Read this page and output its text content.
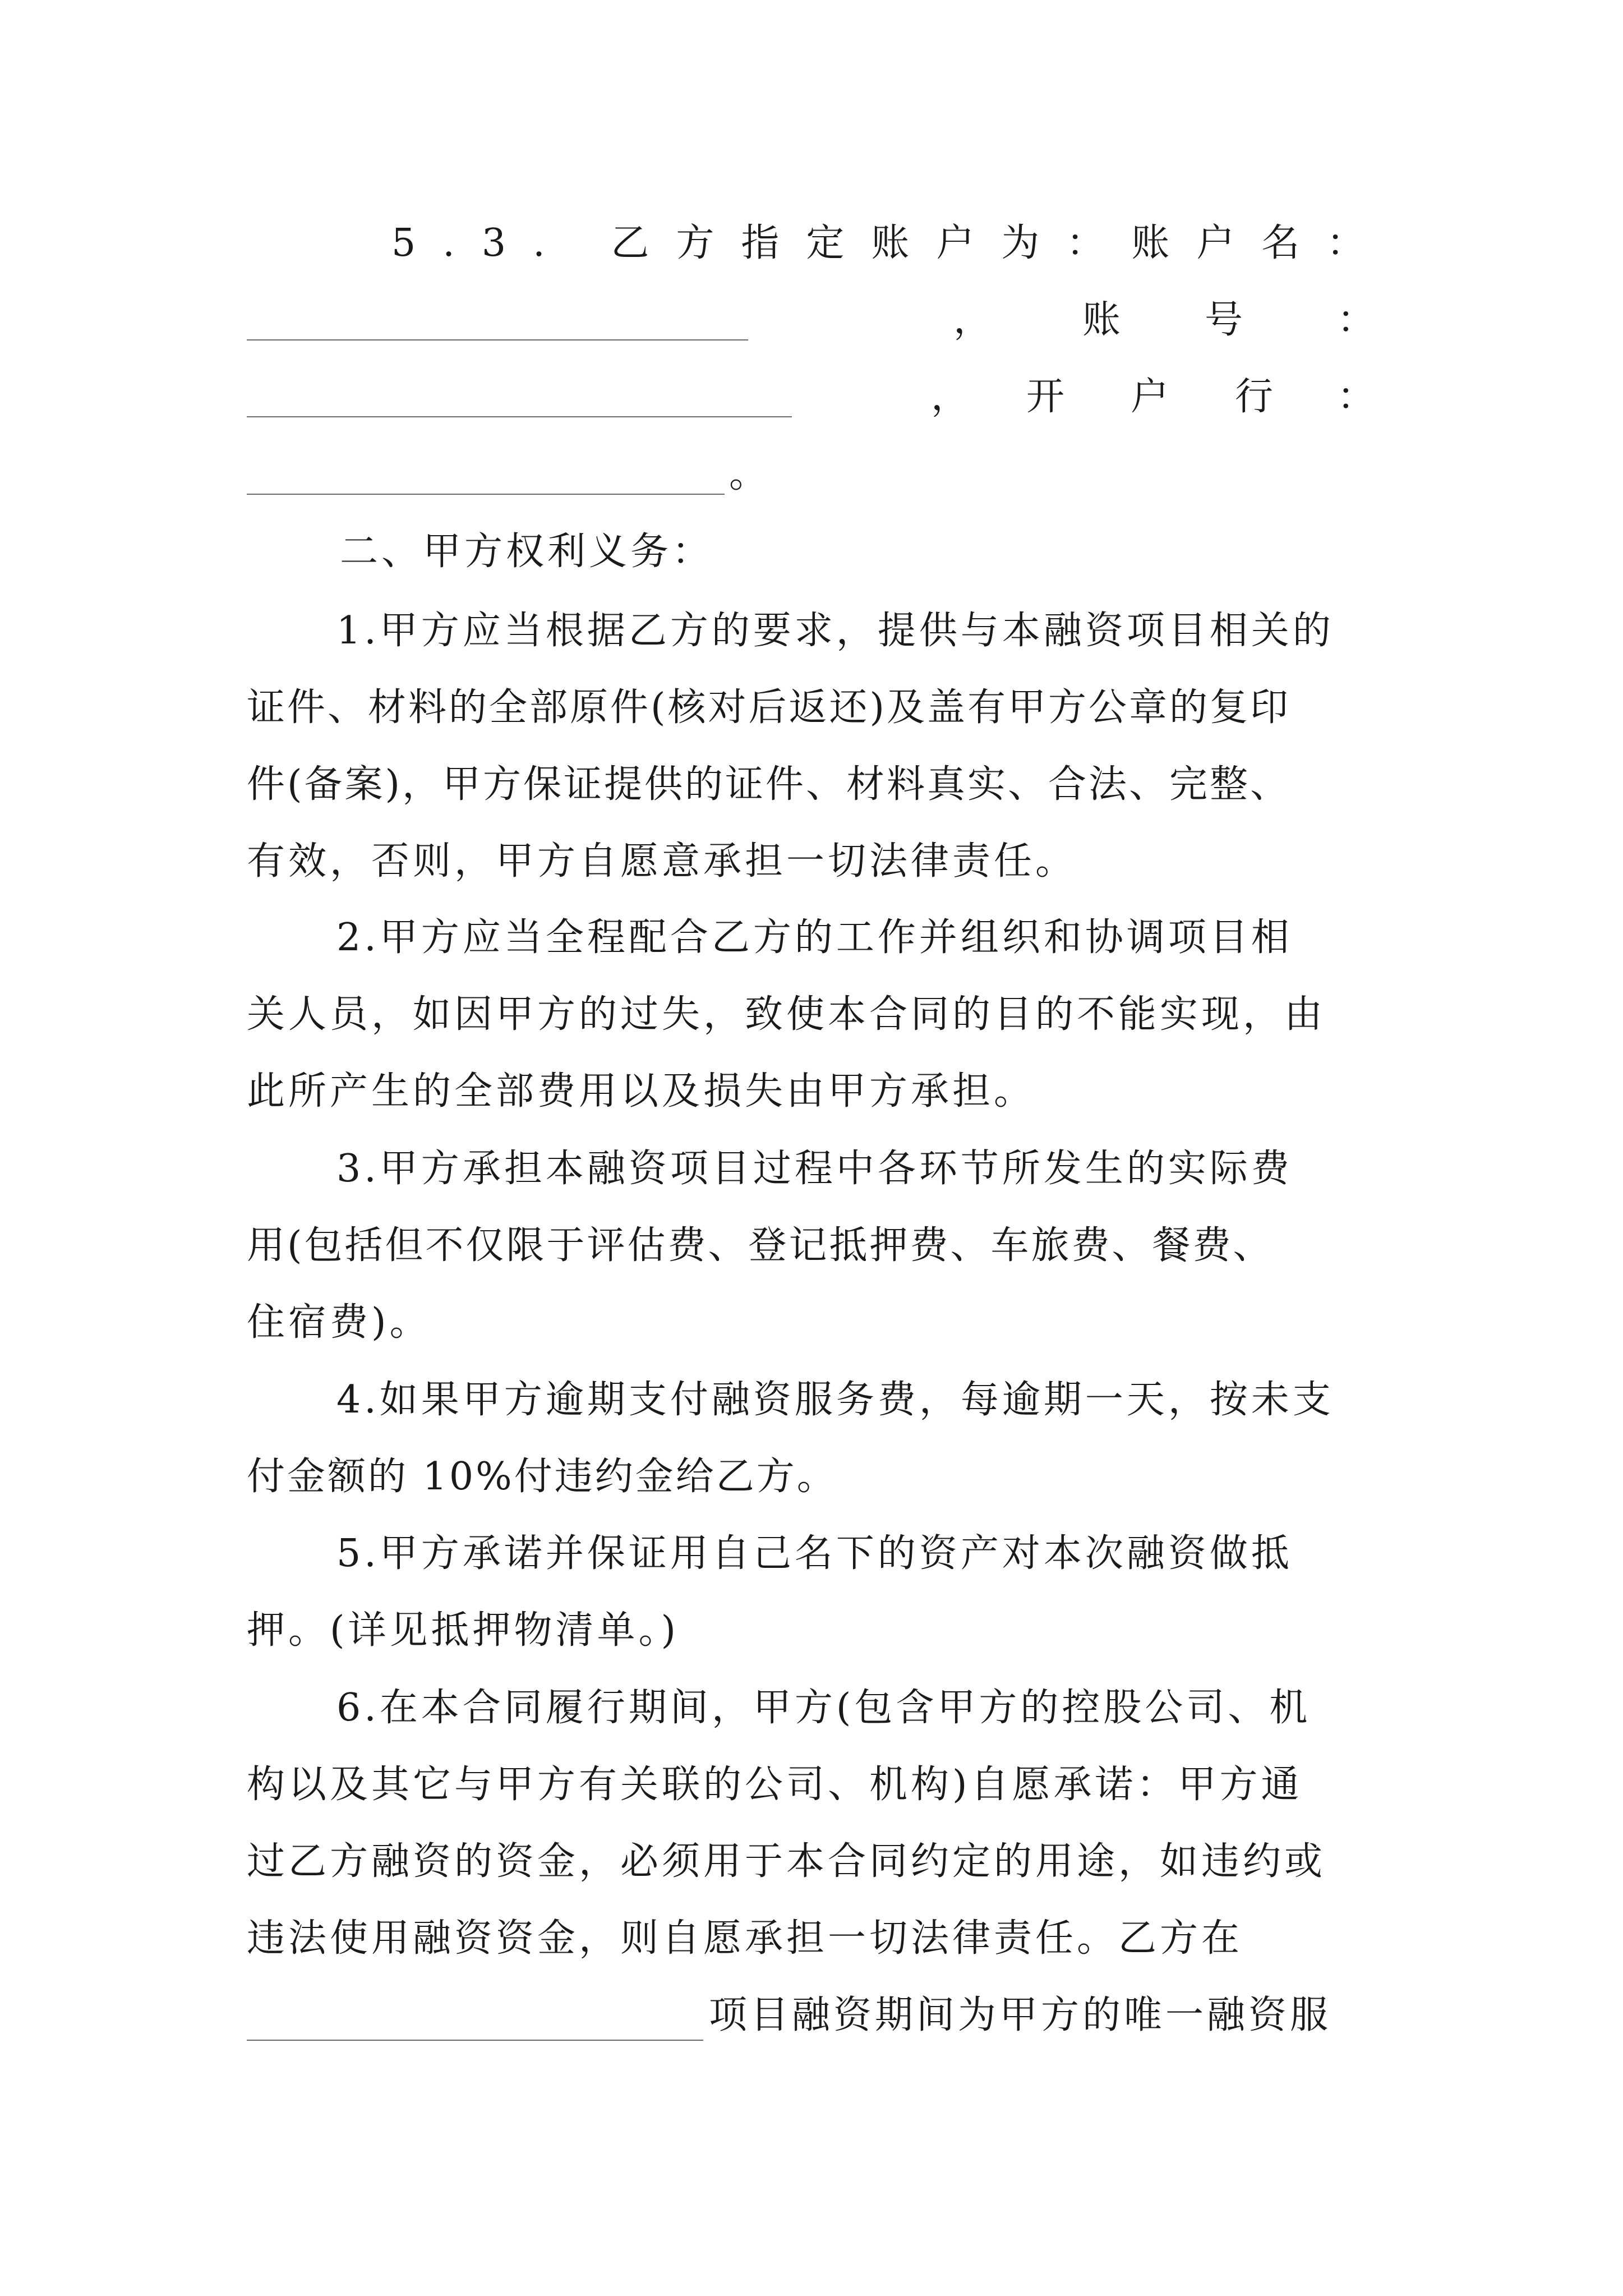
5.3. 乙方指定账户为：账户名：
， 账号 ：
， 开户行
：
。
二、甲方权利义务：
1.甲方应当根据乙方的要求，提供与本融资项目相关的
证件、材料的全部原件(核对后返还)及盖有甲方公章的复印
件(备案)，甲方保证提供的证件、材料真实、合法、完整、
有效，否则，甲方自愿意承担一切法律责任。
2.甲方应当全程配合乙方的工作并组织和协调项目相
关人员，如因甲方的过失，致使本合同的目的不能实现，由
此所产生的全部费用以及损失由甲方承担。
3.甲方承担本融资项目过程中各环节所发生的实际费
用(包括但不仅限于评估费、登记抵押费、车旅费、餐费、
住宿费)。
4.如果甲方逾期支付融资服务费，每逾期一天，按未支
付金额的 10%付违约金给乙方。
5.甲方承诺并保证用自己名下的资产对本次融资做抵
押。(详见抵押物清单。)
6.在本合同履行期间，甲方(包含甲方的控股公司、机
构以及其它与甲方有关联的公司、机构)自愿承诺：甲方通
过乙方融资的资金，必须用于本合同约定的用途，如违约或
违法使用融资资金，则自愿承担一切法律责任。乙方在
项目融资期间为甲方的唯一融资服
